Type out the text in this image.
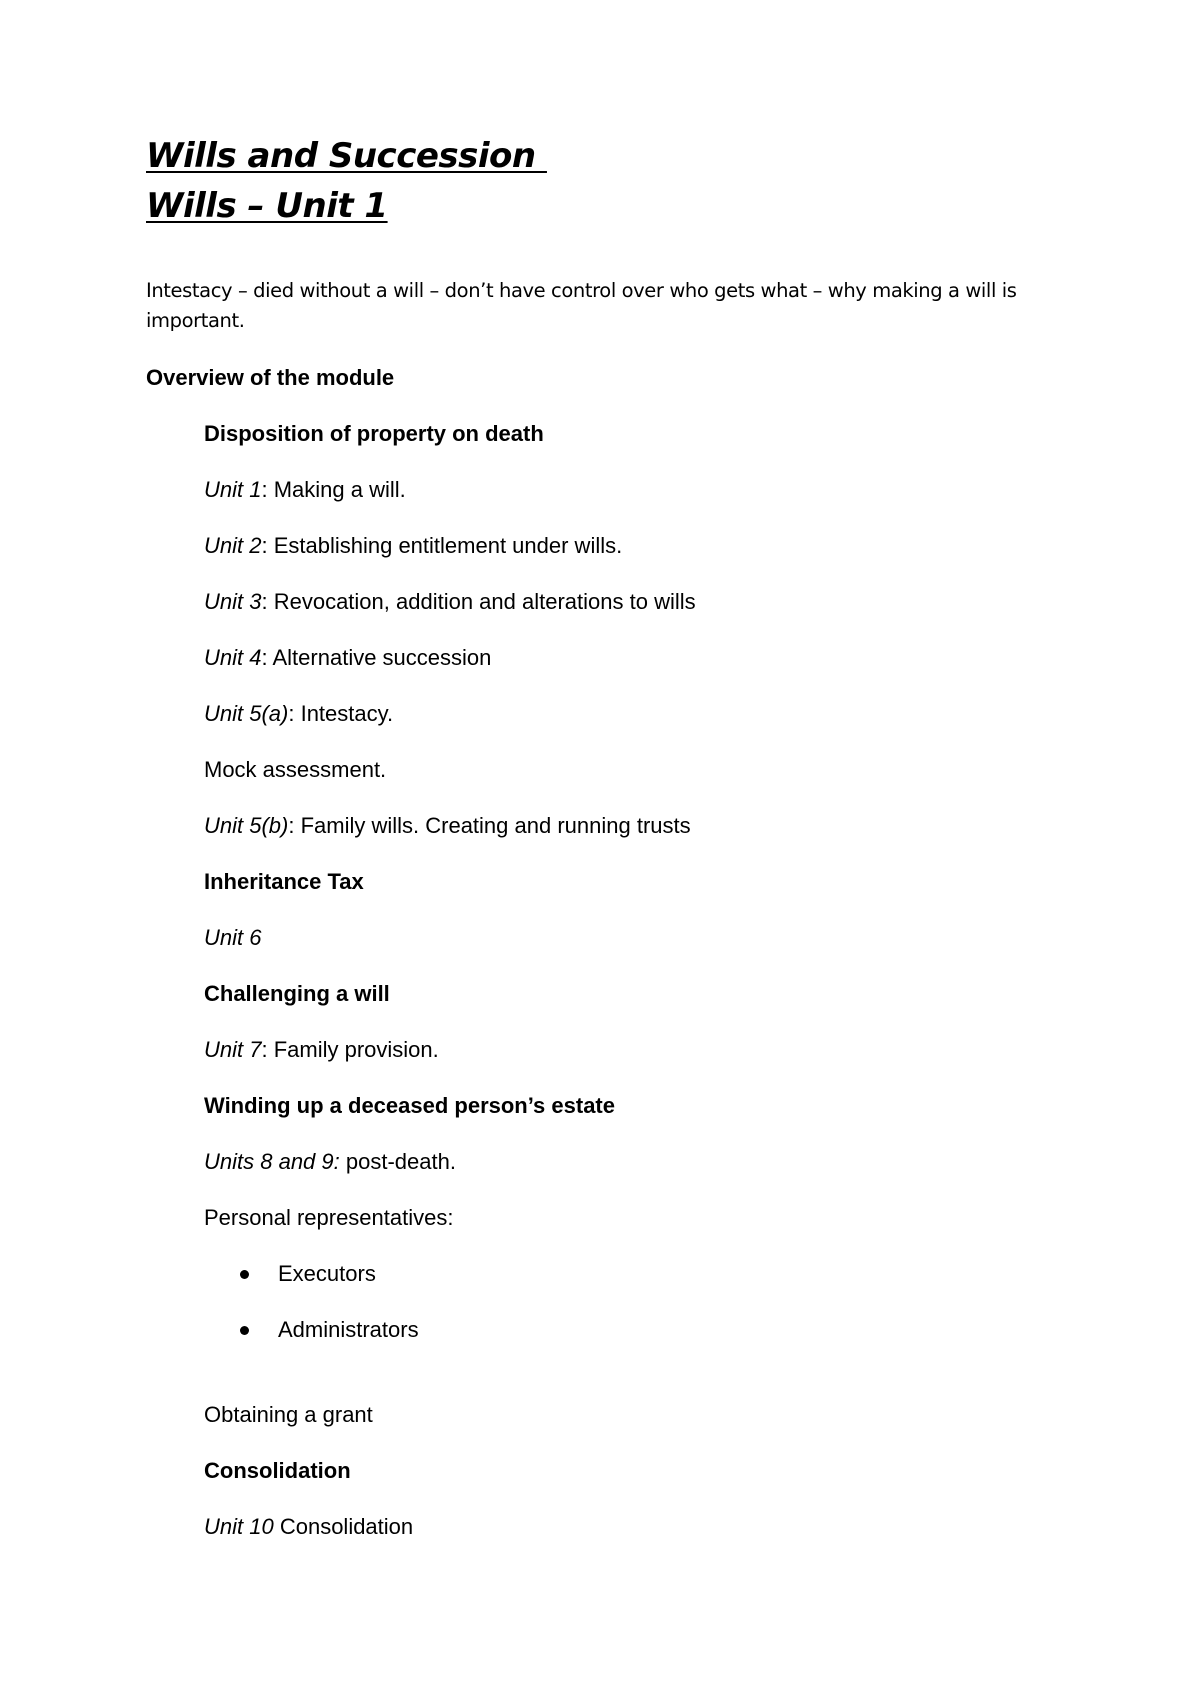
Wills and Succession
Wills – Unit 1
Intestacy – died without a will – don’t have control over who gets what – why making a will is important.
Overview of the module
Disposition of property on death
Unit 1: Making a will.
Unit 2: Establishing entitlement under wills.
Unit 3: Revocation, addition and alterations to wills
Unit 4: Alternative succession
Unit 5(a): Intestacy.
Mock assessment.
Unit 5(b): Family wills. Creating and running trusts
Inheritance Tax
Unit 6
Challenging a will
Unit 7: Family provision.
Winding up a deceased person’s estate
Units 8 and 9: post-death.
Personal representatives:

Executors

Administrators

Obtaining a grant
Consolidation
Unit 10 Consolidation
